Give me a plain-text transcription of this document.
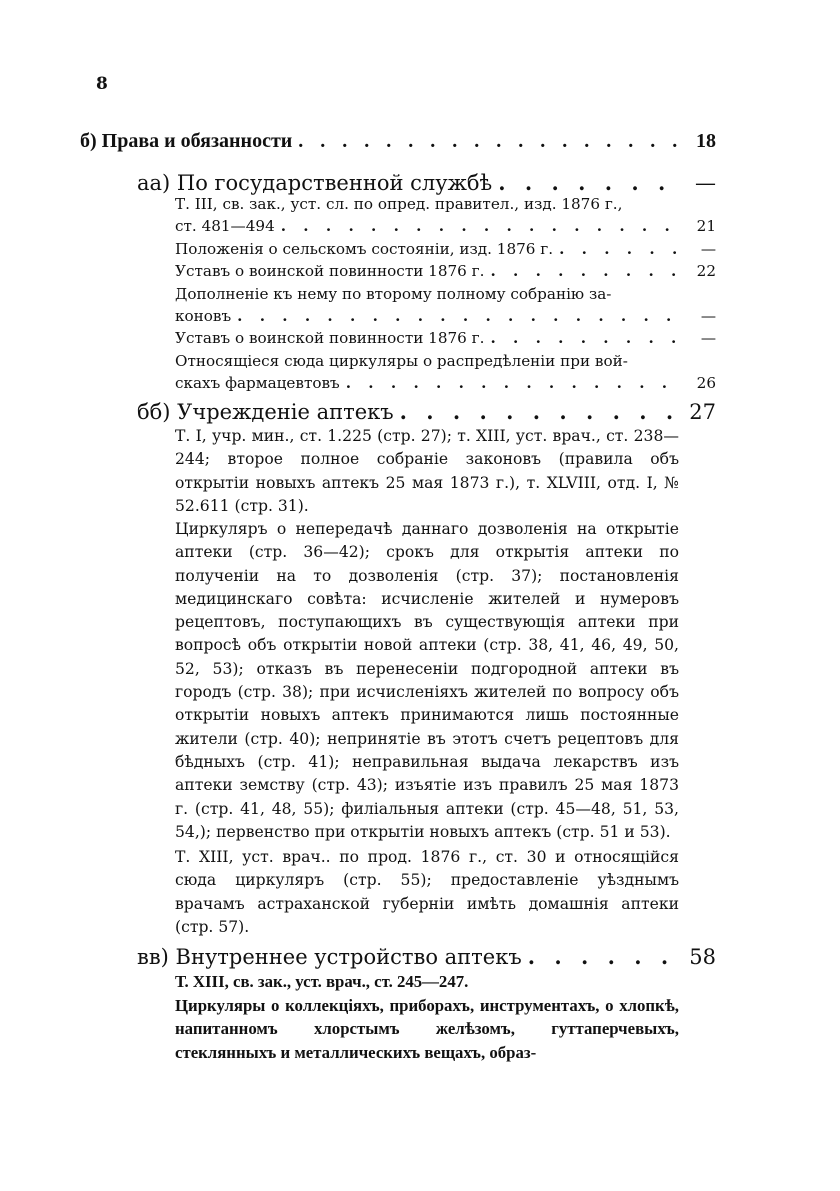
8
б) Права и обязанности . . .	18
аа) По государственной службѣ . . .	—
Т. III, св. зак., уст. сл. по опред. правител., изд. 1876 г.,
ст. 481—494 . . .	21
Положенія о сельскомъ состояніи, изд. 1876 г. . . .	—
Уставъ о воинской повинности 1876 г. . . .	22
Дополненіе къ нему по второму полному собранію за-
коновъ . . .	—
Уставъ о воинской повинности 1876 г. . . .	—
Относящіеся сюда циркуляры о распредѣленіи при вой-
скахъ фармацевтовъ . . .	26
бб) Учрежденіе аптекъ . . .	27
Т. I, учр. мин., ст. 1.225 (стр. 27); т. XIII, уст. врач., ст. 238—244; второе полное собраніе законовъ (правила объ открытіи новыхъ аптекъ 25 мая 1873 г.), т. XLVIII, отд. I, № 52.611 (стр. 31).
Циркуляръ о непередачѣ даннаго дозволенія на открытіе аптеки (стр. 36—42); срокъ для открытія аптеки по полученіи на то дозволенія (стр. 37); постановленія медицинскаго совѣта: исчисленіе жителей и нумеровъ рецептовъ, поступающихъ въ существующія аптеки при вопросѣ объ открытіи новой аптеки (стр. 38, 41, 46, 49, 50, 52, 53); отказъ въ перенесеніи подгородной аптеки въ городъ (стр. 38); при исчисленіяхъ жителей по вопросу объ открытіи новыхъ аптекъ принимаются лишь постоянные жители (стр. 40); непринятіе въ этотъ счетъ рецептовъ для бѣдныхъ (стр. 41); неправильная выдача лекарствъ изъ аптеки земству (стр. 43); изъятіе изъ правилъ 25 мая 1873 г. (стр. 41, 48, 55); филіальныя аптеки (стр. 45—48, 51, 53, 54,); первенство при открытіи новыхъ аптекъ (стр. 51 и 53).
Т. XIII, уст. врач.. по прод. 1876 г., ст. 30 и относящійся сюда циркуляръ (стр. 55); предоставленіе уѣзднымъ врачамъ астраханской губерніи имѣть домашнія аптеки (стр. 57).
вв) Внутреннее устройство аптекъ . . .	58
Т. XIII, св. зак., уст. врач., ст. 245—247.
Циркуляры о коллекціяхъ, приборахъ, инструментахъ, о хлопкѣ, напитанномъ хлорстымъ желѣзомъ, гуттаперчевыхъ, стеклянныхъ и металлическихъ вещахъ, образ-
